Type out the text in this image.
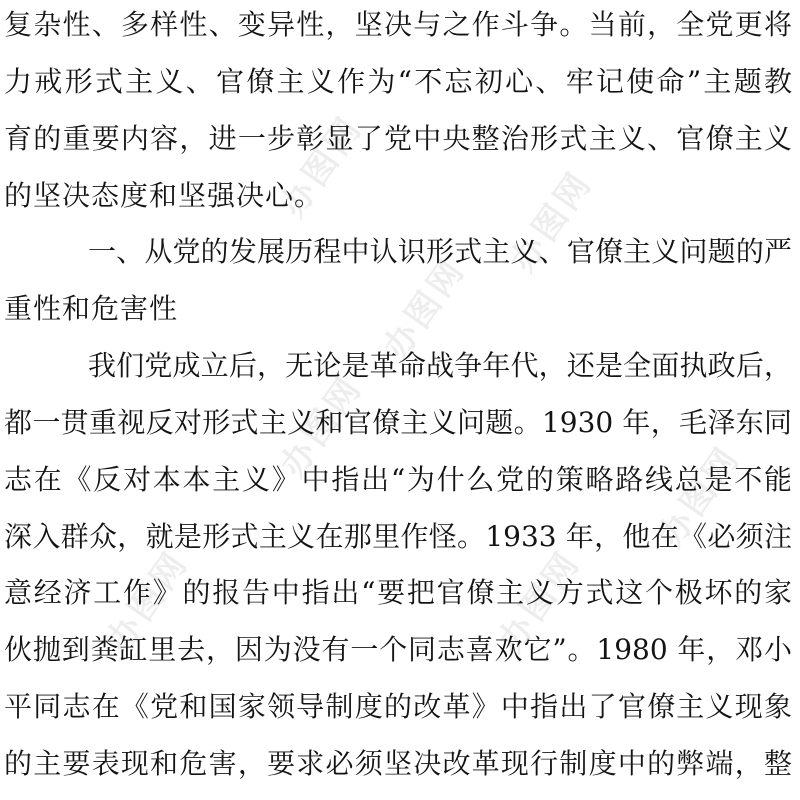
办图网	办图网
办图网
办图网
办图网
办图网	办图网
复杂性、多样性、变异性，坚决与之作斗争。当前，全党更将
力戒形式主义、官僚主义作为“不忘初心、牢记使命”主题教
育的重要内容，进一步彰显了党中央整治形式主义、官僚主义
的坚决态度和坚强决心。
一、从党的发展历程中认识形式主义、官僚主义问题的严
重性和危害性
我们党成立后，无论是革命战争年代，还是全面执政后，
都一贯重视反对形式主义和官僚主义问题。1930 年，毛泽东同
志在《反对本本主义》中指出“为什么党的策略路线总是不能
深入群众，就是形式主义在那里作怪。1933 年，他在《必须注
意经济工作》的报告中指出“要把官僚主义方式这个极坏的家
伙抛到粪缸里去，因为没有一个同志喜欢它”。1980 年，邓小
平同志在《党和国家领导制度的改革》中指出了官僚主义现象
的主要表现和危害，要求必须坚决改革现行制度中的弊端，整
